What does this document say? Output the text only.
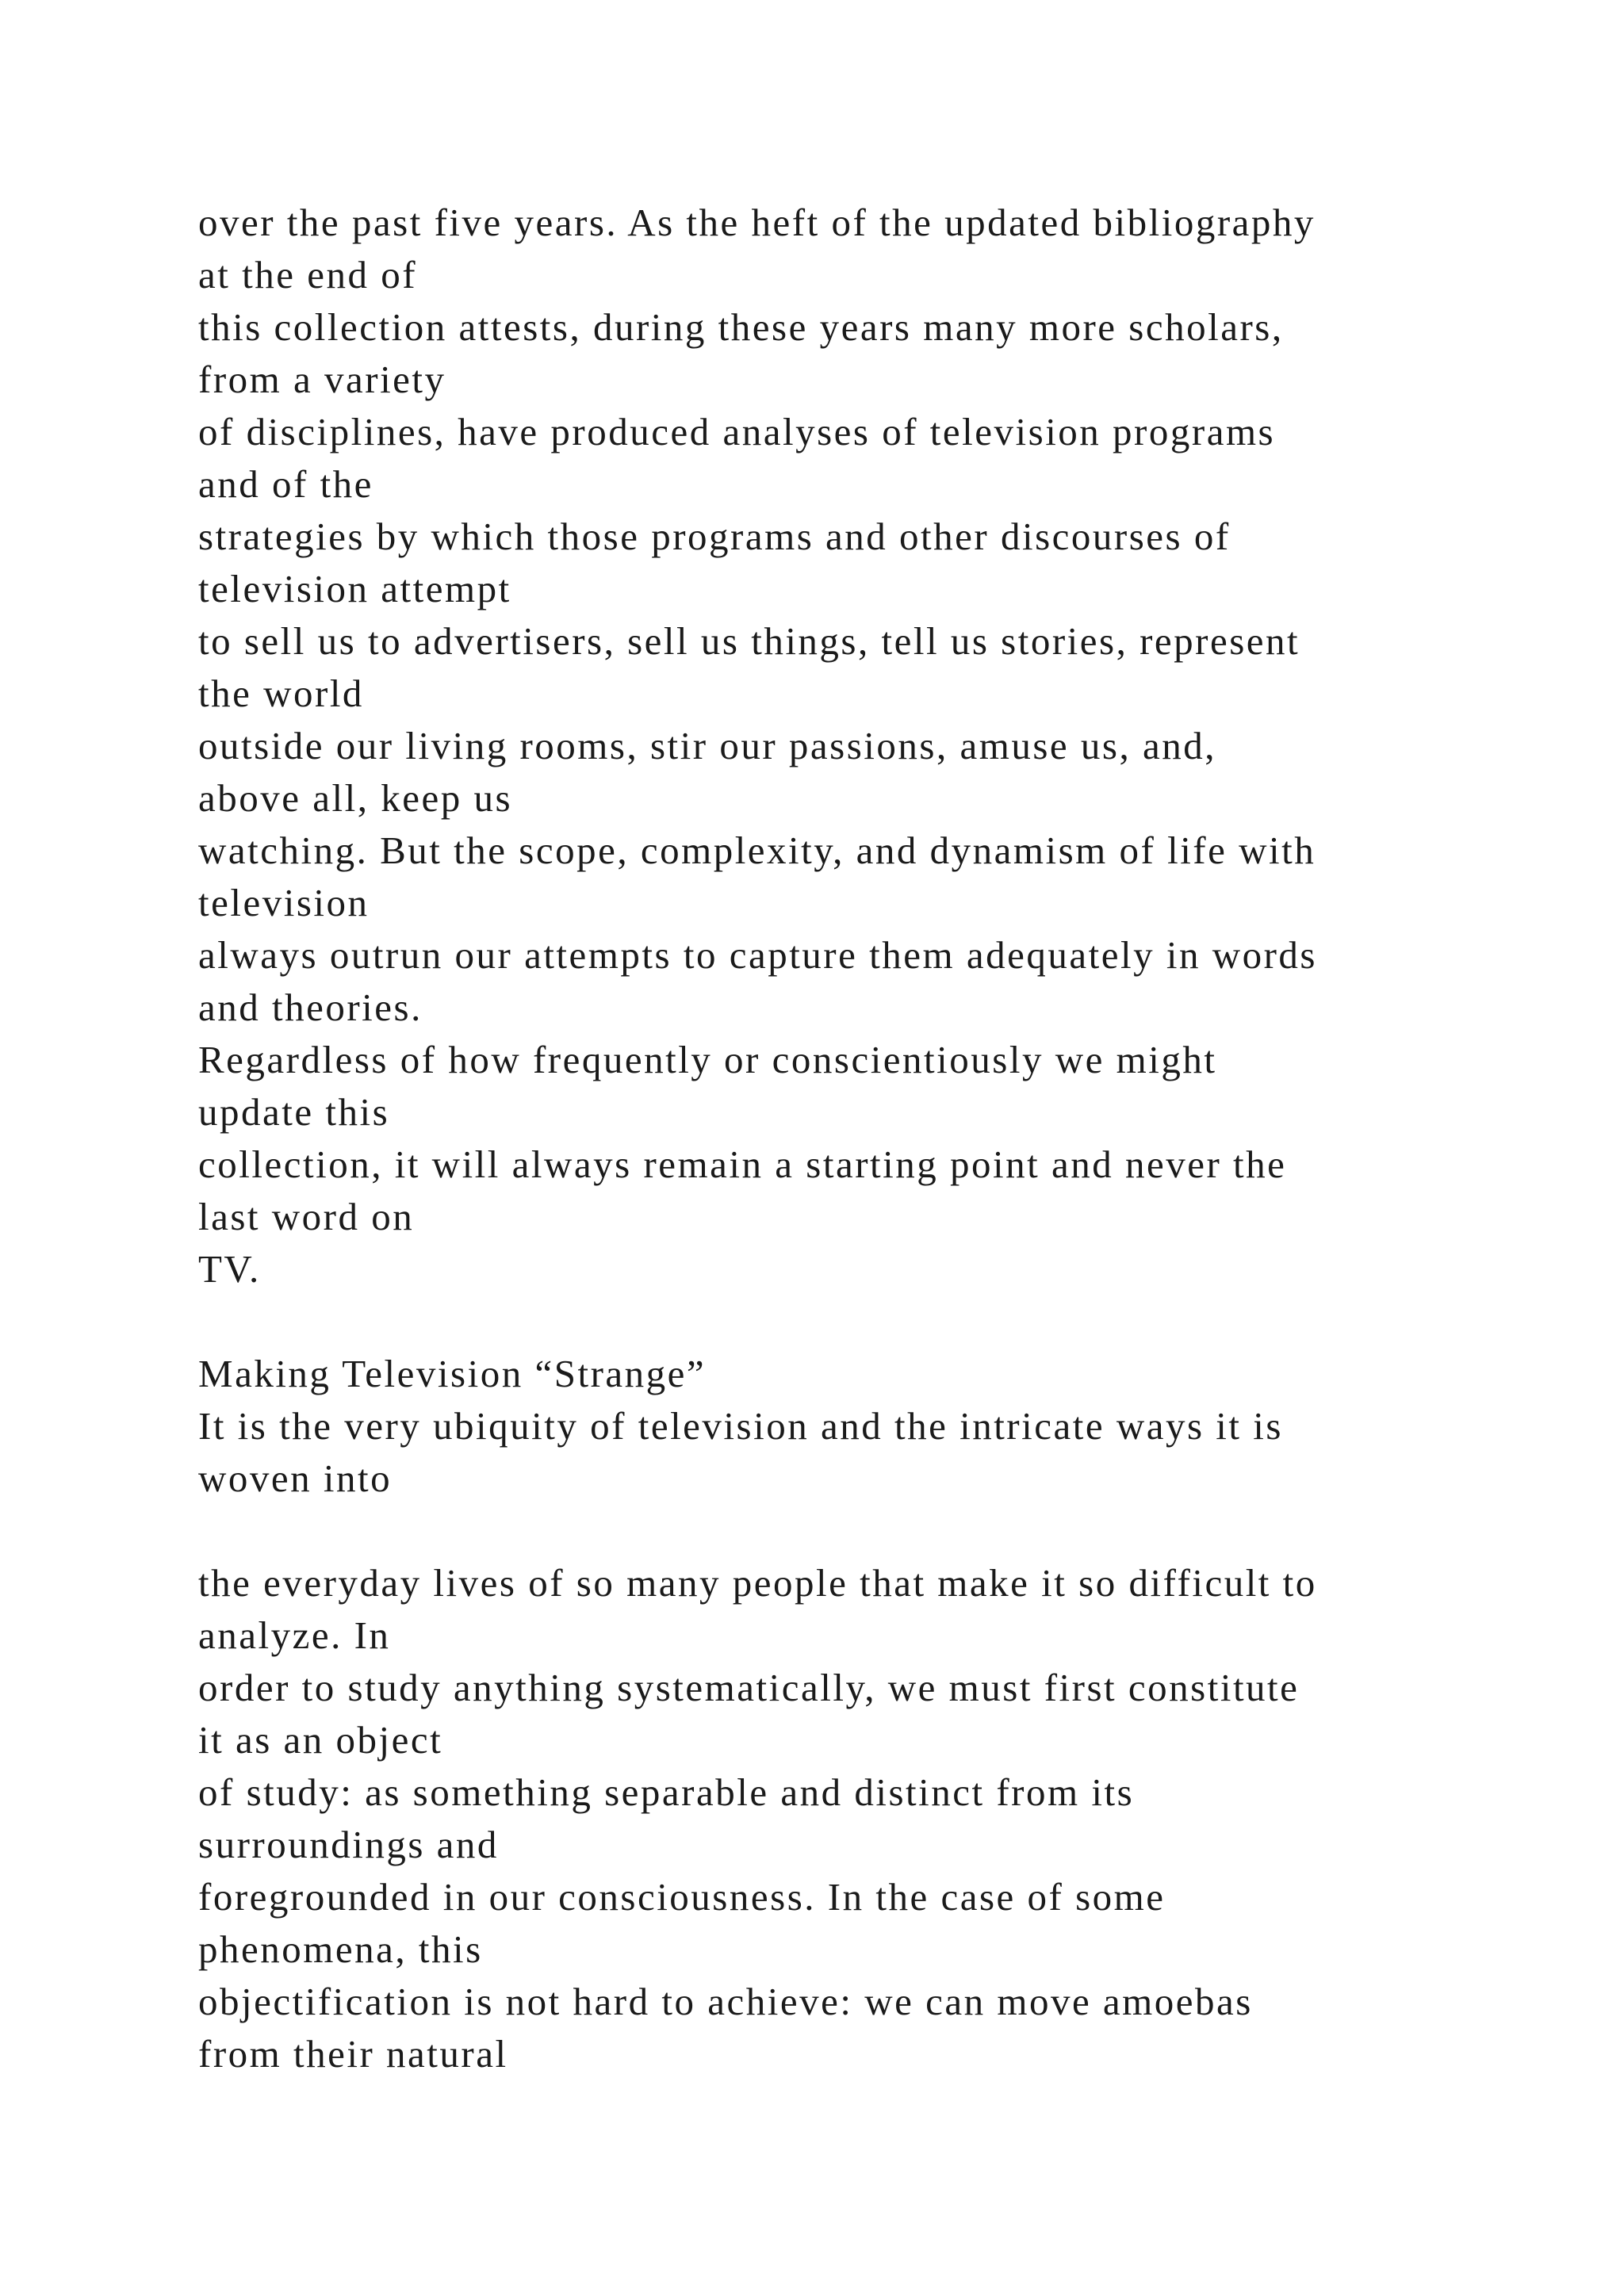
over the past five years. As the heft of the updated bibliography
at the end of
this collection attests, during these years many more scholars,
from a variety
of disciplines, have produced analyses of television programs
and of the
strategies by which those programs and other discourses of
television attempt
to sell us to advertisers, sell us things, tell us stories, represent
the world
outside our living rooms, stir our passions, amuse us, and,
above all, keep us
watching. But the scope, complexity, and dynamism of life with
television
always outrun our attempts to capture them adequately in words
and theories.
Regardless of how frequently or conscientiously we might
update this
collection, it will always remain a starting point and never the
last word on
TV.
Making Television “Strange”
It is the very ubiquity of television and the intricate ways it is
woven into
the everyday lives of so many people that make it so difficult to
analyze. In
order to study anything systematically, we must first constitute
it as an object
of study: as something separable and distinct from its
surroundings and
foregrounded in our consciousness. In the case of some
phenomena, this
objectification is not hard to achieve: we can move amoebas
from their natural
